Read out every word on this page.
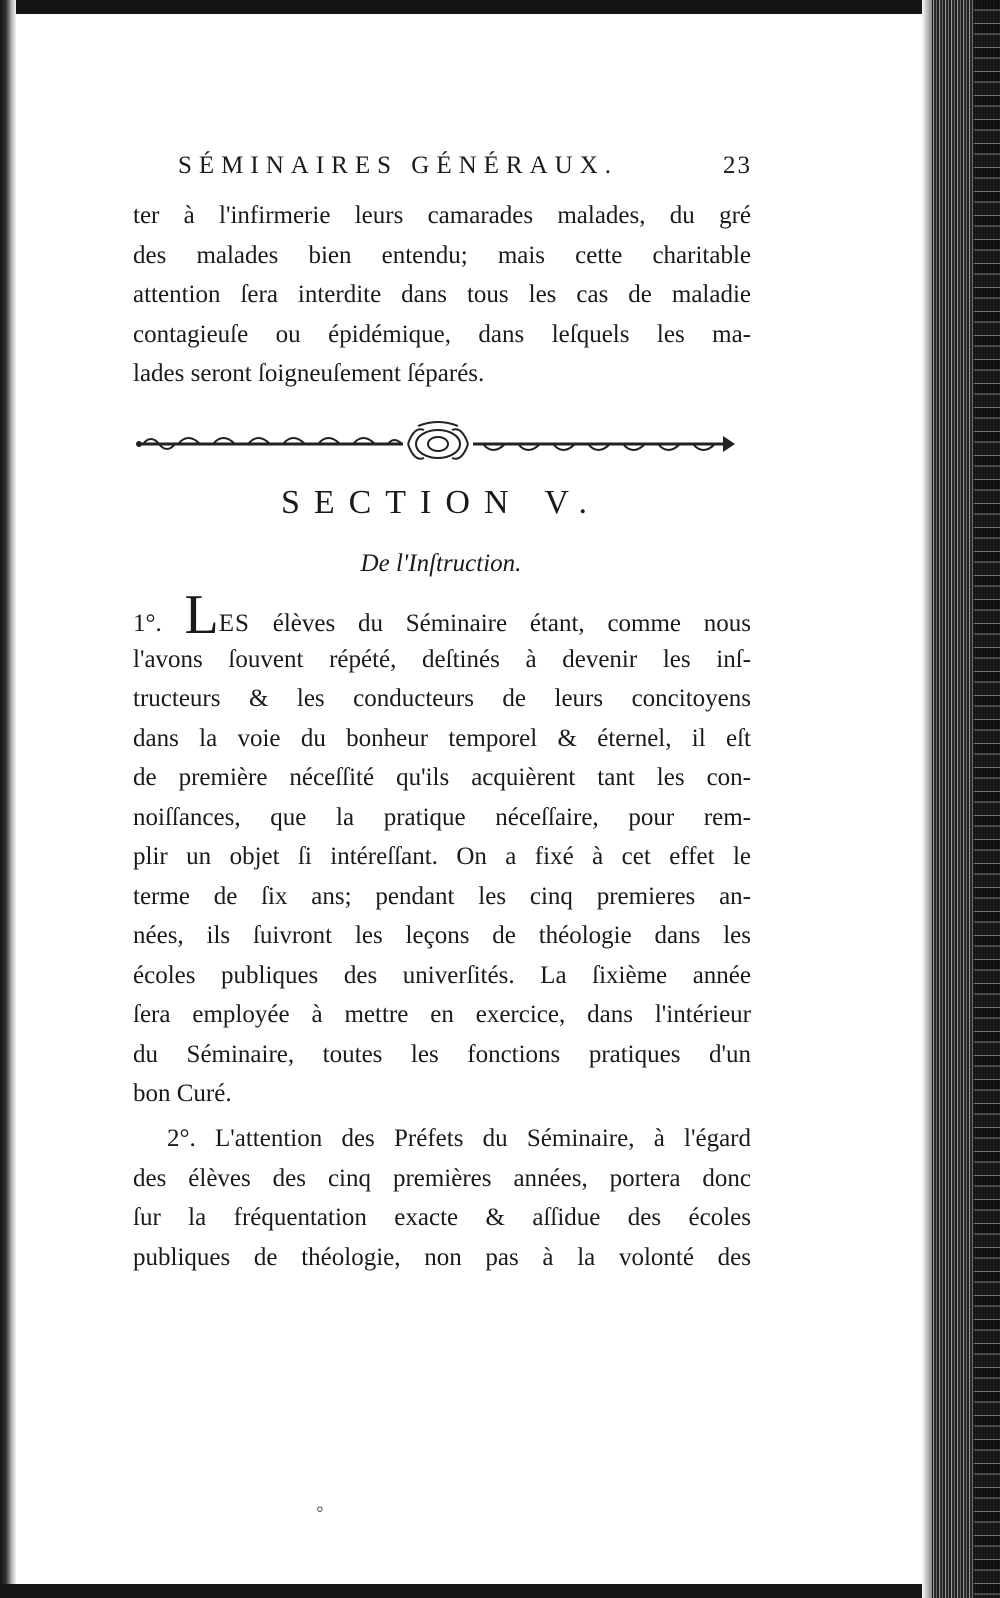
SÉMINAIRES GÉNÉRAUX.	23
ter à l'infirmerie leurs camarades malades, du gré
des malades bien entendu; mais cette charitable
attention ſera interdite dans tous les cas de maladie
contagieuſe ou épidémique, dans leſquels les ma-
lades seront ſoigneuſement ſéparés.
SECTION V.
De l'Inſtruction.
1°. LES élèves du Séminaire étant, comme nous
l'avons ſouvent répété, deſtinés à devenir les inſ-
tructeurs & les conducteurs de leurs concitoyens
dans la voie du bonheur temporel & éternel, il eſt
de première néceſſité qu'ils acquièrent tant les con-
noiſſances, que la pratique néceſſaire, pour rem-
plir un objet ſi intéreſſant. On a fixé à cet effet le
terme de ſix ans; pendant les cinq premieres an-
nées, ils ſuivront les leçons de théologie dans les
écoles publiques des univerſités. La ſixième année
ſera employée à mettre en exercice, dans l'intérieur
du Séminaire, toutes les fonctions pratiques d'un
bon Curé.
2°. L'attention des Préfets du Séminaire, à l'égard
des élèves des cinq premières années, portera donc
ſur la fréquentation exacte & aſſidue des écoles
publiques de théologie, non pas à la volonté des
◦
